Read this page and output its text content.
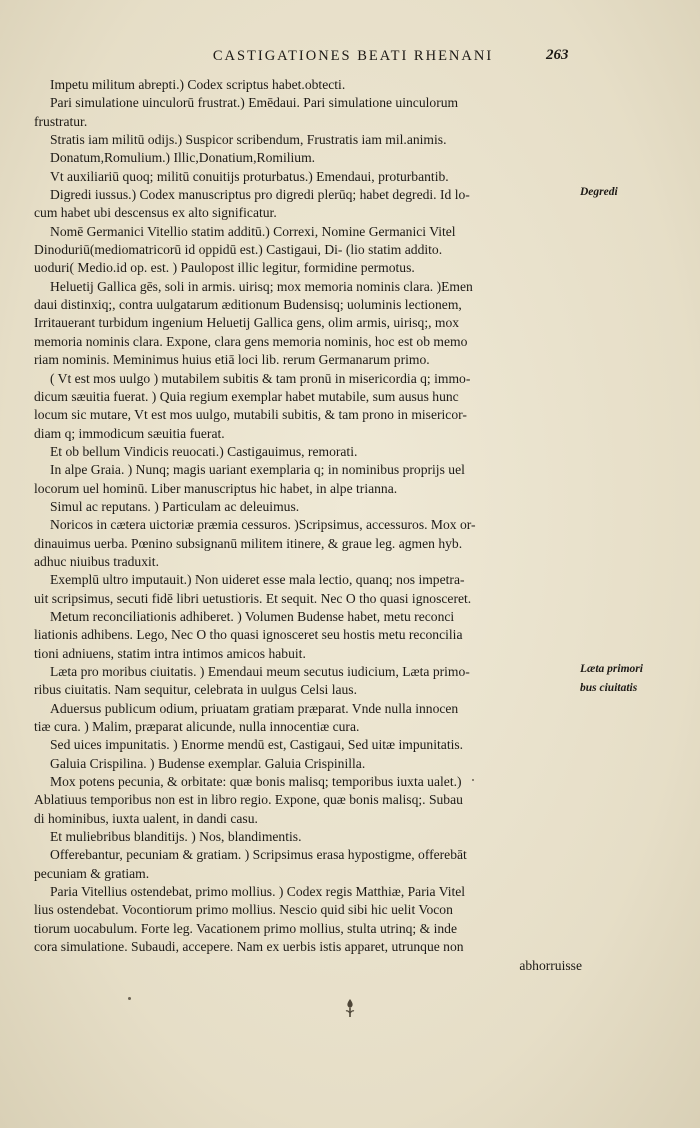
CASTIGATIONES BEATI RHENANI	263
Impetu militum abrepti.) Codex scriptus habet.obtecti.
Pari simulatione uinculorū frustrat.) Emēdaui. Pari simulatione uinculorum
frustratur.
Stratis iam militū odijs.) Suspicor scribendum, Frustratis iam mil.animis.
Donatum,Romulium.) Illic,Donatium,Romilium.
Vt auxiliariū quoq; militū conuitijs proturbatus.) Emendaui, proturbantib.
Digredi iussus.) Codex manuscriptus pro digredi plerūq; habet degredi. Id lo-
cum habet ubi descensus ex alto significatur.
Nomē Germanici Vitellio statim additū.) Correxi, Nomine Germanici Vitel
Dinoduriū(mediomatricorū id oppidū est.) Castigaui, Di- (lio statim addito.
uoduri( Medio.id op. est. ) Paulopost illic legitur, formidine permotus.
Heluetij Gallica gēs, soli in armis. uirisq; mox memoria nominis clara. )Emen
daui distinxiq;, contra uulgatarum æditionum Budensisq; uoluminis lectionem,
Irritauerant turbidum ingenium Heluetij Gallica gens, olim armis, uirisq;, mox
memoria nominis clara. Expone, clara gens memoria nominis, hoc est ob memo
riam nominis. Meminimus huius etiā loci lib. rerum Germanarum primo.
( Vt est mos uulgo ) mutabilem subitis & tam pronū in misericordia q; immo-
dicum sæuitia fuerat. ) Quia regium exemplar habet mutabile, sum ausus hunc
locum sic mutare, Vt est mos uulgo, mutabili subitis, & tam prono in misericor-
diam q; immodicum sæuitia fuerat.
Et ob bellum Vindicis reuocati.) Castigauimus, remorati.
In alpe Graia. ) Nunq; magis uariant exemplaria q; in nominibus proprijs uel
locorum uel hominū. Liber manuscriptus hic habet, in alpe trianna.
Simul ac reputans. ) Particulam ac deleuimus.
Noricos in cætera uictoriæ præmia cessuros. )Scripsimus, accessuros. Mox or-
dinauimus uerba. Pœnino subsignanū militem itinere, & graue leg. agmen hyb.
adhuc niuibus traduxit.
Exemplū ultro imputauit.) Non uideret esse mala lectio, quanq; nos impetra-
uit scripsimus, secuti fidē libri uetustioris. Et sequit. Nec O tho quasi ignosceret.
Metum reconciliationis adhiberet. ) Volumen Budense habet, metu reconci
liationis adhibens. Lego, Nec O tho quasi ignosceret seu hostis metu reconcilia
tioni adniuens, statim intra intimos amicos habuit.
Læta pro moribus ciuitatis. ) Emendaui meum secutus iudicium, Læta primo-
ribus ciuitatis. Nam sequitur, celebrata in uulgus Celsi laus.
Aduersus publicum odium, priuatam gratiam præparat. Vnde nulla innocen
tiæ cura. ) Malim, præparat alicunde, nulla innocentiæ cura.
Sed uices impunitatis. ) Enorme mendū est, Castigaui, Sed uitæ impunitatis.
Galuia Crispilina. ) Budense exemplar. Galuia Crispinilla.
Mox potens pecunia, & orbitate: quæ bonis malisq; temporibus iuxta ualet.)
Ablatiuus temporibus non est in libro regio. Expone, quæ bonis malisq;. Subau
di hominibus, iuxta ualent, in dandi casu.
Et muliebribus blanditijs. ) Nos, blandimentis.
Offerebantur, pecuniam & gratiam. ) Scripsimus erasa hypostigme, offerebāt
pecuniam & gratiam.
Paria Vitellius ostendebat, primo mollius. ) Codex regis Matthiæ, Paria Vitel
lius ostendebat. Vocontiorum primo mollius. Nescio quid sibi hic uelit Vocon
tiorum uocabulum. Forte leg. Vacationem primo mollius, stulta utrinq; & inde
cora simulatione. Subaudi, accepere. Nam ex uerbis istis apparet, utrunque non
abhorruisse
Degredi
Læta primori
bus ciuitatis
